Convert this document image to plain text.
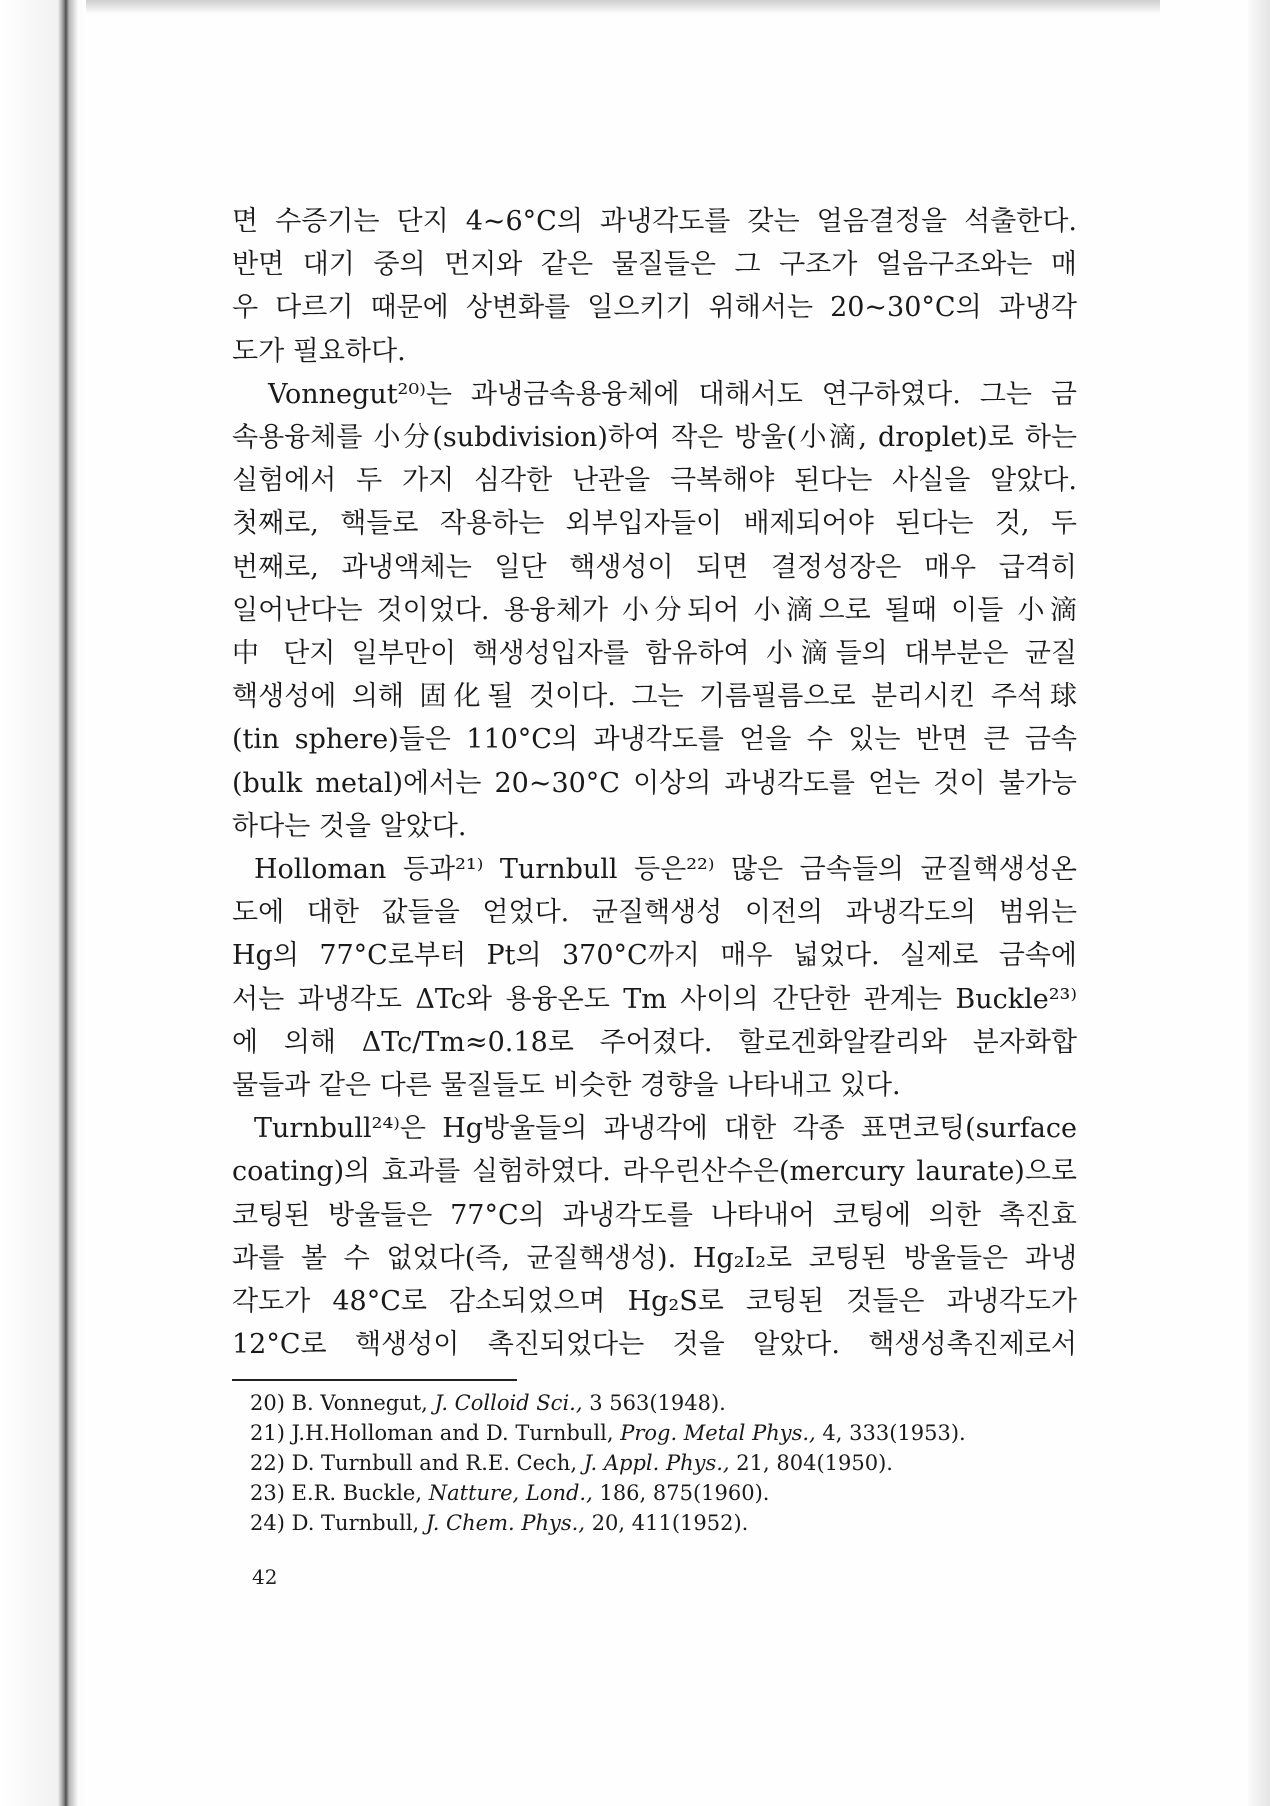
면 수증기는 단지 4~6°C의 과냉각도를 갖는 얼음결정을 석출한다.
반면 대기 중의 먼지와 같은 물질들은 그 구조가 얼음구조와는 매
우 다르기 때문에 상변화를 일으키기 위해서는 20~30°C의 과냉각
도가 필요하다.
Vonnegut²⁰⁾는 과냉금속용융체에 대해서도 연구하였다. 그는 금
속용융체를 小分(subdivision)하여 작은 방울(小滴, droplet)로 하는
실험에서 두 가지 심각한 난관을 극복해야 된다는 사실을 알았다.
첫째로, 핵들로 작용하는 외부입자들이 배제되어야 된다는 것, 두
번째로, 과냉액체는 일단 핵생성이 되면 결정성장은 매우 급격히
일어난다는 것이었다. 용융체가 小分되어 小滴으로 될때 이들 小滴
中 단지 일부만이 핵생성입자를 함유하여 小滴들의 대부분은 균질
핵생성에 의해 固化될 것이다. 그는 기름필름으로 분리시킨 주석球
(tin sphere)들은 110°C의 과냉각도를 얻을 수 있는 반면 큰 금속
(bulk metal)에서는 20~30°C 이상의 과냉각도를 얻는 것이 불가능
하다는 것을 알았다.
Holloman 등과²¹⁾ Turnbull 등은²²⁾ 많은 금속들의 균질핵생성온
도에 대한 값들을 얻었다. 균질핵생성 이전의 과냉각도의 범위는
Hg의 77°C로부터 Pt의 370°C까지 매우 넓었다. 실제로 금속에
서는 과냉각도 ΔTc와 용융온도 Tm 사이의 간단한 관계는 Buckle²³⁾
에 의해 ΔTc/Tm≈0.18로 주어졌다. 할로겐화알칼리와 분자화합
물들과 같은 다른 물질들도 비슷한 경향을 나타내고 있다.
Turnbull²⁴⁾은 Hg방울들의 과냉각에 대한 각종 표면코팅(surface
coating)의 효과를 실험하였다. 라우린산수은(mercury laurate)으로
코팅된 방울들은 77°C의 과냉각도를 나타내어 코팅에 의한 촉진효
과를 볼 수 없었다(즉, 균질핵생성). Hg₂I₂로 코팅된 방울들은 과냉
각도가 48°C로 감소되었으며 Hg₂S로 코팅된 것들은 과냉각도가
12°C로 핵생성이 촉진되었다는 것을 알았다. 핵생성촉진제로서
20) B. Vonnegut, J. Colloid Sci., 3 563(1948).
21) J.H.Holloman and D. Turnbull, Prog. Metal Phys., 4, 333(1953).
22) D. Turnbull and R.E. Cech, J. Appl. Phys., 21, 804(1950).
23) E.R. Buckle, Natture, Lond., 186, 875(1960).
24) D. Turnbull, J. Chem. Phys., 20, 411(1952).
42
